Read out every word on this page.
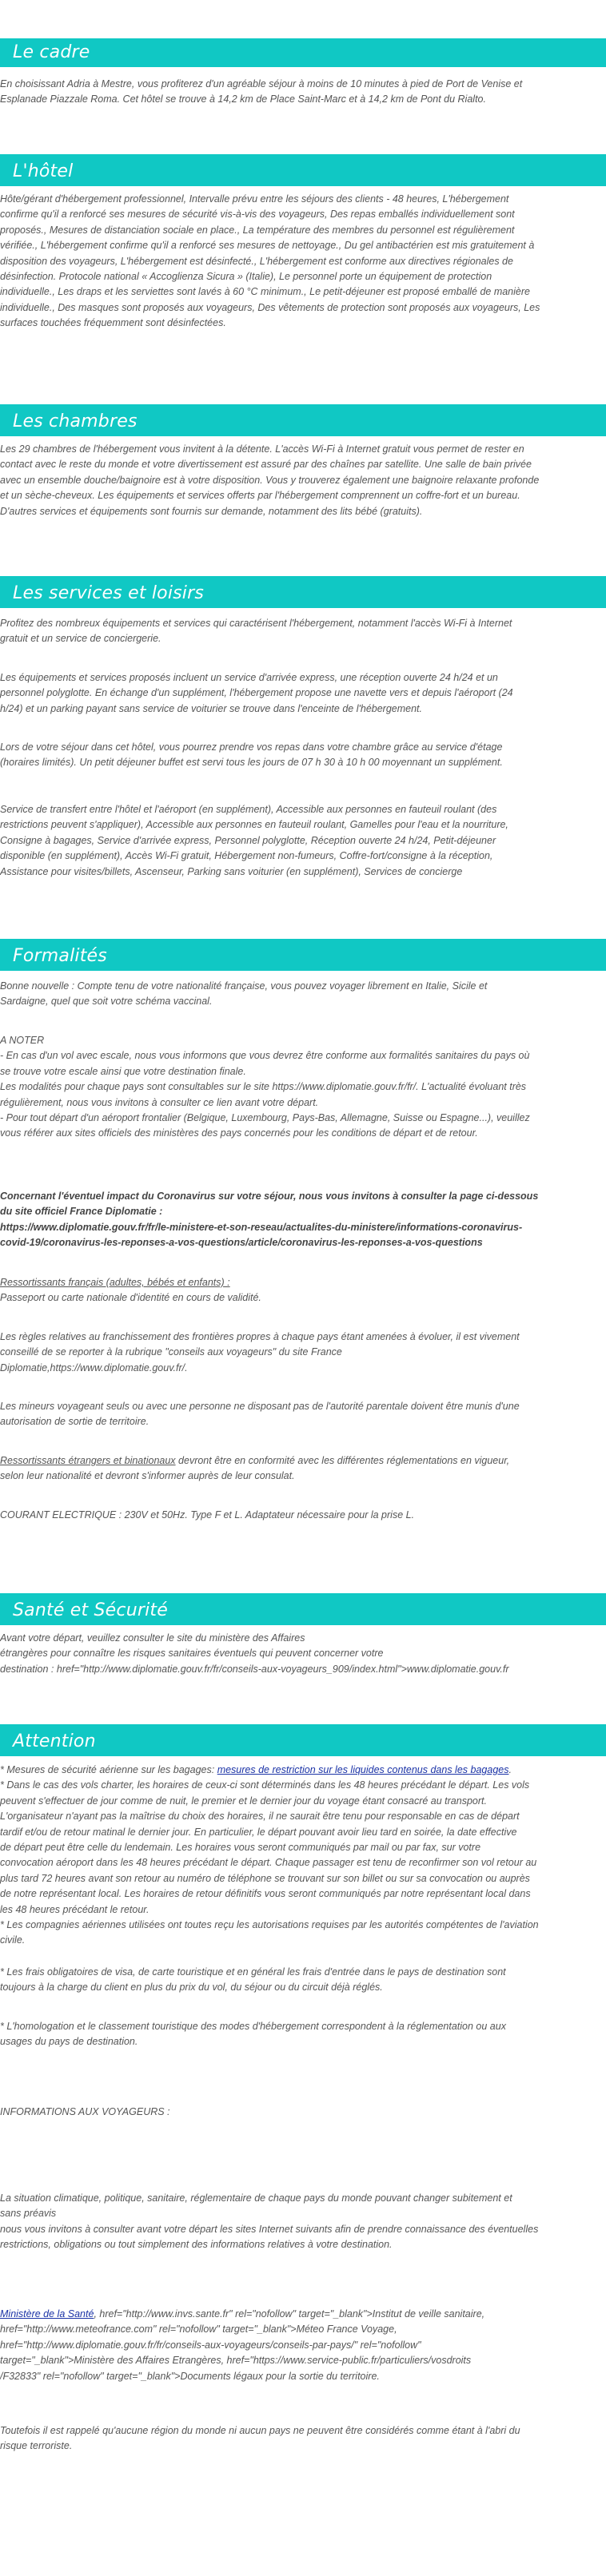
Le cadre
En choisissant Adria à Mestre, vous profiterez d'un agréable séjour à moins de 10 minutes à pied de Port de Venise et
Esplanade Piazzale Roma. Cet hôtel se trouve à 14,2 km de Place Saint-Marc et à 14,2 km de Pont du Rialto.
L'hôtel
Hôte/gérant d'hébergement professionnel, Intervalle prévu entre les séjours des clients - 48 heures, L'hébergement
confirme qu'il a renforcé ses mesures de sécurité vis-à-vis des voyageurs, Des repas emballés individuellement sont
proposés., Mesures de distanciation sociale en place., La température des membres du personnel est régulièrement
vérifiée., L'hébergement confirme qu'il a renforcé ses mesures de nettoyage., Du gel antibactérien est mis gratuitement à
disposition des voyageurs, L'hébergement est désinfecté., L'hébergement est conforme aux directives régionales de
désinfection. Protocole national « Accoglienza Sicura » (Italie), Le personnel porte un équipement de protection
individuelle., Les draps et les serviettes sont lavés à 60 °C minimum., Le petit-déjeuner est proposé emballé de manière
individuelle., Des masques sont proposés aux voyageurs, Des vêtements de protection sont proposés aux voyageurs, Les
surfaces touchées fréquemment sont désinfectées.
Les chambres
Les 29 chambres de l'hébergement vous invitent à la détente. L'accès Wi-Fi à Internet gratuit vous permet de rester en
contact avec le reste du monde et votre divertissement est assuré par des chaînes par satellite. Une salle de bain privée
avec un ensemble douche/baignoire est à votre disposition. Vous y trouverez également une baignoire relaxante profonde
et un sèche-cheveux. Les équipements et services offerts par l'hébergement comprennent un coffre-fort et un bureau.
D'autres services et équipements sont fournis sur demande, notamment des lits bébé (gratuits).
Les services et loisirs
Profitez des nombreux équipements et services qui caractérisent l'hébergement, notamment l'accès Wi-Fi à Internet
gratuit et un service de conciergerie.
Les équipements et services proposés incluent un service d'arrivée express, une réception ouverte 24 h/24 et un
personnel polyglotte. En échange d'un supplément, l'hébergement propose une navette vers et depuis l'aéroport (24
h/24) et un parking payant sans service de voiturier se trouve dans l'enceinte de l'hébergement.
Lors de votre séjour dans cet hôtel, vous pourrez prendre vos repas dans votre chambre grâce au service d'étage
(horaires limités). Un petit déjeuner buffet est servi tous les jours de 07 h 30 à 10 h 00 moyennant un supplément.
Service de transfert entre l'hôtel et l'aéroport (en supplément), Accessible aux personnes en fauteuil roulant (des
restrictions peuvent s'appliquer), Accessible aux personnes en fauteuil roulant, Gamelles pour l'eau et la nourriture,
Consigne à bagages, Service d'arrivée express, Personnel polyglotte, Réception ouverte 24 h/24, Petit-déjeuner
disponible (en supplément), Accès Wi-Fi gratuit, Hébergement non-fumeurs, Coffre-fort/consigne à la réception,
Assistance pour visites/billets, Ascenseur, Parking sans voiturier (en supplément), Services de concierge
Formalités
Bonne nouvelle : Compte tenu de votre nationalité française, vous pouvez voyager librement en Italie, Sicile et
Sardaigne, quel que soit votre schéma vaccinal.
A NOTER
- En cas d'un vol avec escale, nous vous informons que vous devrez être conforme aux formalités sanitaires du pays où
se trouve votre escale ainsi que votre destination finale.
Les modalités pour chaque pays sont consultables sur le site https://www.diplomatie.gouv.fr/fr/. L'actualité évoluant très
régulièrement, nous vous invitons à consulter ce lien avant votre départ.
- Pour tout départ d'un aéroport frontalier (Belgique, Luxembourg, Pays-Bas, Allemagne, Suisse ou Espagne...), veuillez
vous référer aux sites officiels des ministères des pays concernés pour les conditions de départ et de retour.
Concernant l'éventuel impact du Coronavirus sur votre séjour, nous vous invitons à consulter la page ci-dessous
du site officiel France Diplomatie :
https://www.diplomatie.gouv.fr/fr/le-ministere-et-son-reseau/actualites-du-ministere/informations-coronavirus-
covid-19/coronavirus-les-reponses-a-vos-questions/article/coronavirus-les-reponses-a-vos-questions
Ressortissants français (adultes, bébés et enfants) :
Passeport ou carte nationale d'identité en cours de validité.
Les règles relatives au franchissement des frontières propres à chaque pays étant amenées à évoluer, il est vivement
conseillé de se reporter à la rubrique "conseils aux voyageurs" du site France
Diplomatie,https://www.diplomatie.gouv.fr/.
Les mineurs voyageant seuls ou avec une personne ne disposant pas de l'autorité parentale doivent être munis d'une
autorisation de sortie de territoire.
Ressortissants étrangers et binationaux devront être en conformité avec les différentes réglementations en vigueur,
selon leur nationalité et devront s'informer auprès de leur consulat.
COURANT ELECTRIQUE : 230V et 50Hz. Type F et L. Adaptateur nécessaire pour la prise L.
Santé et Sécurité
Avant votre départ, veuillez consulter le site du ministère des Affaires
étrangères pour connaître les risques sanitaires éventuels qui peuvent concerner votre
destination : href="http://www.diplomatie.gouv.fr/fr/conseils-aux-voyageurs_909/index.html">www.diplomatie.gouv.fr
Attention
* Mesures de sécurité aérienne sur les bagages: mesures de restriction sur les liquides contenus dans les bagages.
* Dans le cas des vols charter, les horaires de ceux-ci sont déterminés dans les 48 heures précédant le départ. Les vols
peuvent s'effectuer de jour comme de nuit, le premier et le dernier jour du voyage étant consacré au transport.
L'organisateur n'ayant pas la maîtrise du choix des horaires, il ne saurait être tenu pour responsable en cas de départ
tardif et/ou de retour matinal le dernier jour. En particulier, le départ pouvant avoir lieu tard en soirée, la date effective
de départ peut être celle du lendemain. Les horaires vous seront communiqués par mail ou par fax, sur votre
convocation aéroport dans les 48 heures précédant le départ. Chaque passager est tenu de reconfirmer son vol retour au
plus tard 72 heures avant son retour au numéro de téléphone se trouvant sur son billet ou sur sa convocation ou auprès
de notre représentant local. Les horaires de retour définitifs vous seront communiqués par notre représentant local dans
les 48 heures précédant le retour.
* Les compagnies aériennes utilisées ont toutes reçu les autorisations requises par les autorités compétentes de l'aviation
civile.
* Les frais obligatoires de visa, de carte touristique et en général les frais d'entrée dans le pays de destination sont
toujours à la charge du client en plus du prix du vol, du séjour ou du circuit déjà réglés.
* L'homologation et le classement touristique des modes d'hébergement correspondent à la réglementation ou aux
usages du pays de destination.
INFORMATIONS AUX VOYAGEURS :
La situation climatique, politique, sanitaire, réglementaire de chaque pays du monde pouvant changer subitement et
sans préavis
nous vous invitons à consulter avant votre départ les sites Internet suivants afin de prendre connaissance des éventuelles
restrictions, obligations ou tout simplement des informations relatives à votre destination.
Ministère de la Santé, href="http://www.invs.sante.fr" rel="nofollow" target="_blank">Institut de veille sanitaire,
href="http://www.meteofrance.com" rel="nofollow" target="_blank">Méteo France Voyage,
href="http://www.diplomatie.gouv.fr/fr/conseils-aux-voyageurs/conseils-par-pays/" rel="nofollow"
target="_blank">Ministère des Affaires Etrangères, href="https://www.service-public.fr/particuliers/vosdroits
/F32833" rel="nofollow" target="_blank">Documents légaux pour la sortie du territoire.
Toutefois il est rappelé qu'aucune région du monde ni aucun pays ne peuvent être considérés comme étant à l'abri du
risque terroriste.
